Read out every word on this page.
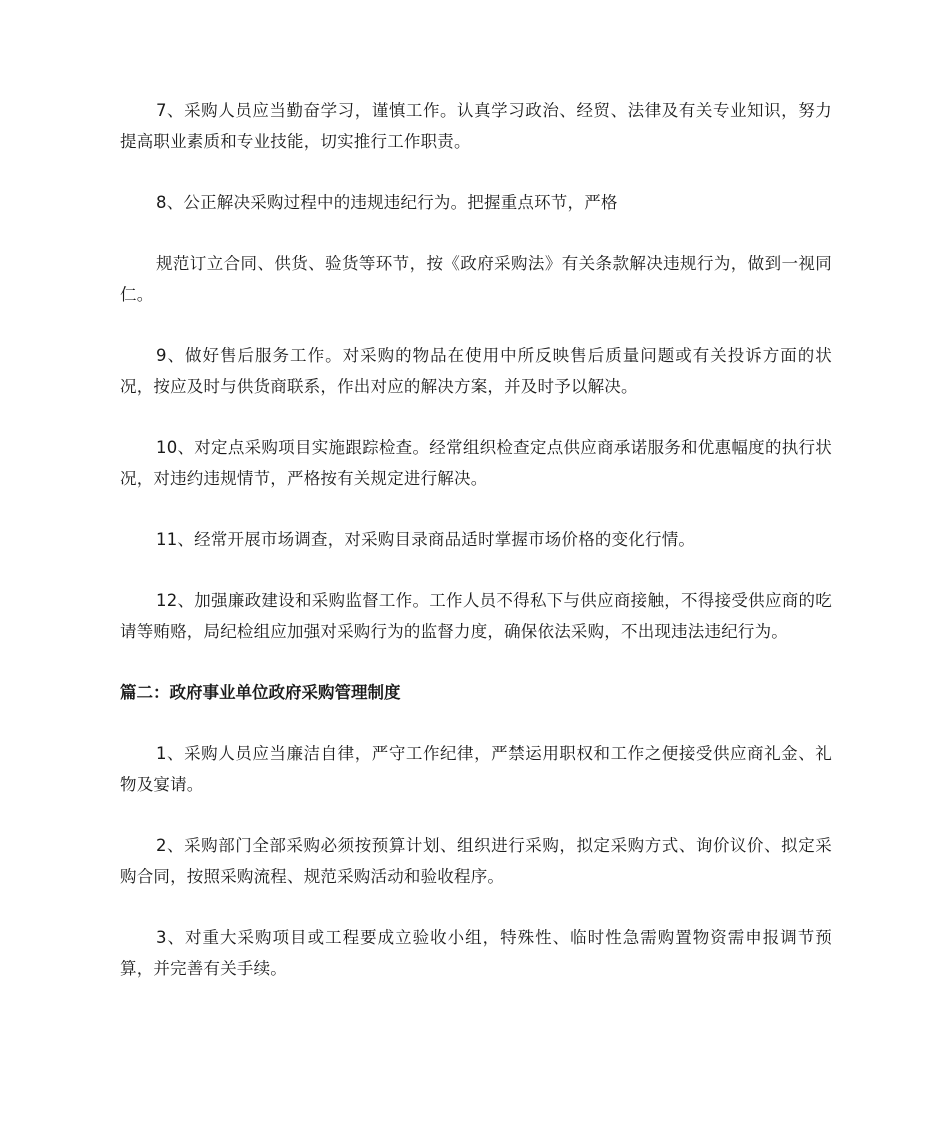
7、采购人员应当勤奋学习，谨慎工作。认真学习政治、经贸、法律及有关专业知识，努力提高职业素质和专业技能，切实推行工作职责。

8、公正解决采购过程中的违规违纪行为。把握重点环节，严格

规范订立合同、供货、验货等环节，按《政府采购法》有关条款解决违规行为，做到一视同仁。

9、做好售后服务工作。对采购的物品在使用中所反映售后质量问题或有关投诉方面的状况，按应及时与供货商联系，作出对应的解决方案，并及时予以解决。

10、对定点采购项目实施跟踪检查。经常组织检查定点供应商承诺服务和优惠幅度的执行状况，对违约违规情节，严格按有关规定进行解决。

11、经常开展市场调查，对采购目录商品适时掌握市场价格的变化行情。

12、加强廉政建设和采购监督工作。工作人员不得私下与供应商接触，不得接受供应商的吃请等贿赂，局纪检组应加强对采购行为的监督力度，确保依法采购，不出现违法违纪行为。

篇二：政府事业单位政府采购管理制度

1、采购人员应当廉洁自律，严守工作纪律，严禁运用职权和工作之便接受供应商礼金、礼物及宴请。

2、采购部门全部采购必须按预算计划、组织进行采购，拟定采购方式、询价议价、拟定采购合同，按照采购流程、规范采购活动和验收程序。

3、对重大采购项目或工程要成立验收小组，特殊性、临时性急需购置物资需申报调节预算，并完善有关手续。
